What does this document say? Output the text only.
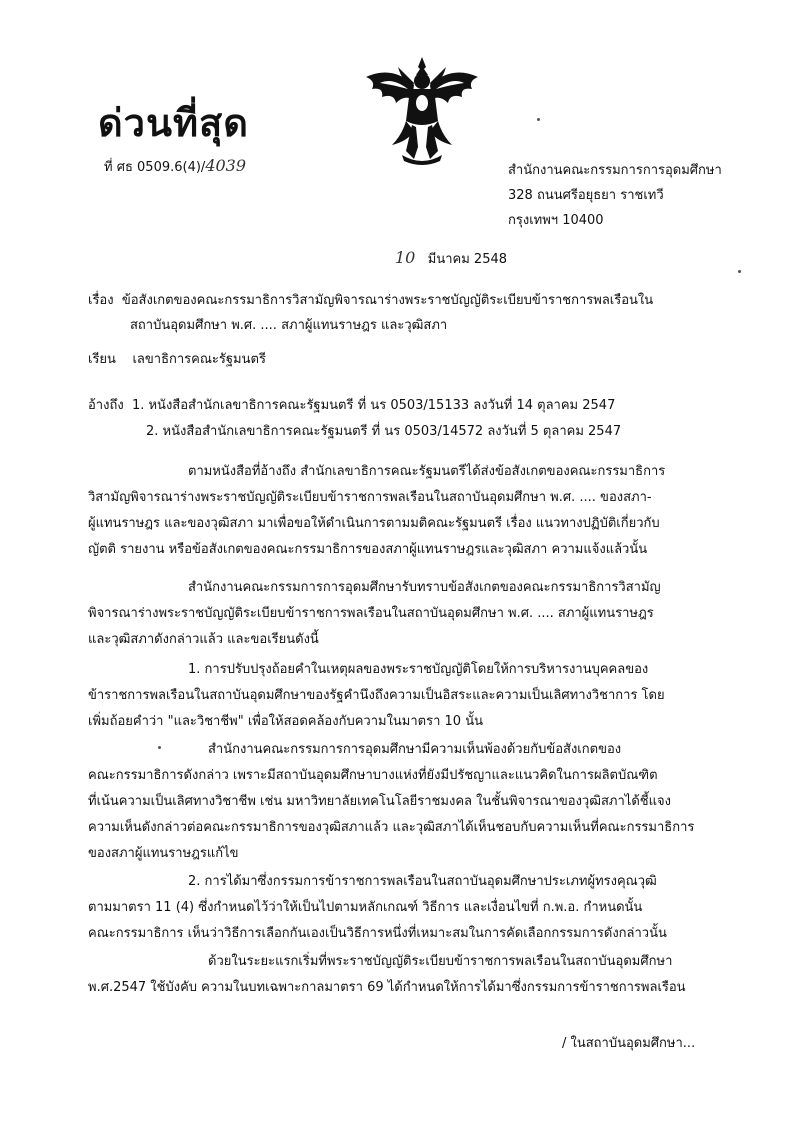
ด่วนที่สุด
ที่ ศธ 0509.6(4)/4039	สำนักงานคณะกรรมการการอุดมศึกษา
328 ถนนศรีอยุธยา ราชเทวี
กรุงเทพฯ 10400
10 มีนาคม 2548
เรื่อง ข้อสังเกตของคณะกรรมาธิการวิสามัญพิจารณาร่างพระราชบัญญัติระเบียบข้าราชการพลเรือนใน
สถาบันอุดมศึกษา พ.ศ. .... สภาผู้แทนราษฎร และวุฒิสภา
เรียน เลขาธิการคณะรัฐมนตรี
อ้างถึง 1. หนังสือสำนักเลขาธิการคณะรัฐมนตรี ที่ นร 0503/15133 ลงวันที่ 14 ตุลาคม 2547
2. หนังสือสำนักเลขาธิการคณะรัฐมนตรี ที่ นร 0503/14572 ลงวันที่ 5 ตุลาคม 2547
ตามหนังสือที่อ้างถึง สำนักเลขาธิการคณะรัฐมนตรีได้ส่งข้อสังเกตของคณะกรรมาธิการ
วิสามัญพิจารณาร่างพระราชบัญญัติระเบียบข้าราชการพลเรือนในสถาบันอุดมศึกษา พ.ศ. .... ของสภา-
ผู้แทนราษฎร และของวุฒิสภา มาเพื่อขอให้ดำเนินการตามมติคณะรัฐมนตรี เรื่อง แนวทางปฏิบัติเกี่ยวกับ
ญัตติ รายงาน หรือข้อสังเกตของคณะกรรมาธิการของสภาผู้แทนราษฎรและวุฒิสภา ความแจ้งแล้วนั้น
สำนักงานคณะกรรมการการอุดมศึกษารับทราบข้อสังเกตของคณะกรรมาธิการวิสามัญ
พิจารณาร่างพระราชบัญญัติระเบียบข้าราชการพลเรือนในสถาบันอุดมศึกษา พ.ศ. .... สภาผู้แทนราษฎร
และวุฒิสภาดังกล่าวแล้ว และขอเรียนดังนี้
1. การปรับปรุงถ้อยคำในเหตุผลของพระราชบัญญัติโดยให้การบริหารงานบุคคลของ
ข้าราชการพลเรือนในสถาบันอุดมศึกษาของรัฐคำนึงถึงความเป็นอิสระและความเป็นเลิศทางวิชาการ โดย
เพิ่มถ้อยคำว่า "และวิชาชีพ" เพื่อให้สอดคล้องกับความในมาตรา 10 นั้น
สำนักงานคณะกรรมการการอุดมศึกษามีความเห็นพ้องด้วยกับข้อสังเกตของ
คณะกรรมาธิการดังกล่าว เพราะมีสถาบันอุดมศึกษาบางแห่งที่ยังมีปรัชญาและแนวคิดในการผลิตบัณฑิต
ที่เน้นความเป็นเลิศทางวิชาชีพ เช่น มหาวิทยาลัยเทคโนโลยีราชมงคล ในชั้นพิจารณาของวุฒิสภาได้ชี้แจง
ความเห็นดังกล่าวต่อคณะกรรมาธิการของวุฒิสภาแล้ว และวุฒิสภาได้เห็นชอบกับความเห็นที่คณะกรรมาธิการ
ของสภาผู้แทนราษฎรแก้ไข
2. การได้มาซึ่งกรรมการข้าราชการพลเรือนในสถาบันอุดมศึกษาประเภทผู้ทรงคุณวุฒิ
ตามมาตรา 11 (4) ซึ่งกำหนดไว้ว่าให้เป็นไปตามหลักเกณฑ์ วิธีการ และเงื่อนไขที่ ก.พ.อ. กำหนดนั้น
คณะกรรมาธิการ เห็นว่าวิธีการเลือกกันเองเป็นวิธีการหนึ่งที่เหมาะสมในการคัดเลือกกรรมการดังกล่าวนั้น
ด้วยในระยะแรกเริ่มที่พระราชบัญญัติระเบียบข้าราชการพลเรือนในสถาบันอุดมศึกษา
พ.ศ.2547 ใช้บังคับ ความในบทเฉพาะกาลมาตรา 69 ได้กำหนดให้การได้มาซึ่งกรรมการข้าราชการพลเรือน
/ ในสถาบันอุดมศึกษา...
